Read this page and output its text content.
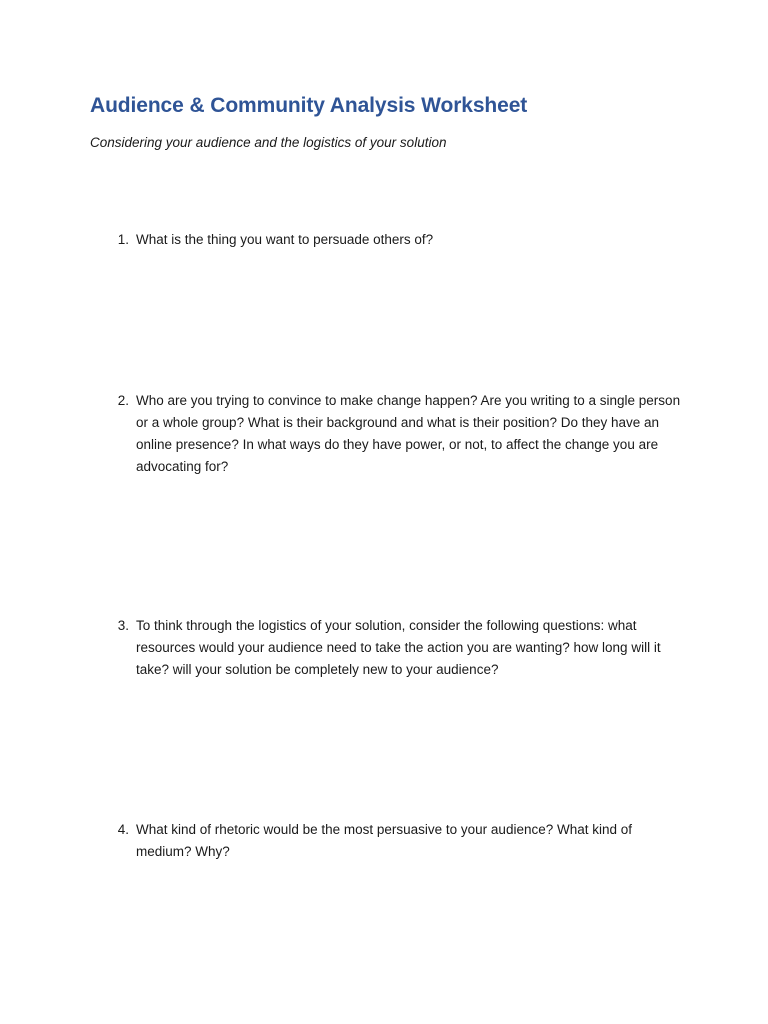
Audience & Community Analysis Worksheet

Considering your audience and the logistics of your solution

1. What is the thing you want to persuade others of?
2. Who are you trying to convince to make change happen? Are you writing to a single person or a whole group? What is their background and what is their position? Do they have an online presence? In what ways do they have power, or not, to affect the change you are advocating for?
3. To think through the logistics of your solution, consider the following questions: what resources would your audience need to take the action you are wanting? how long will it take? will your solution be completely new to your audience?
4. What kind of rhetoric would be the most persuasive to your audience? What kind of medium? Why?
